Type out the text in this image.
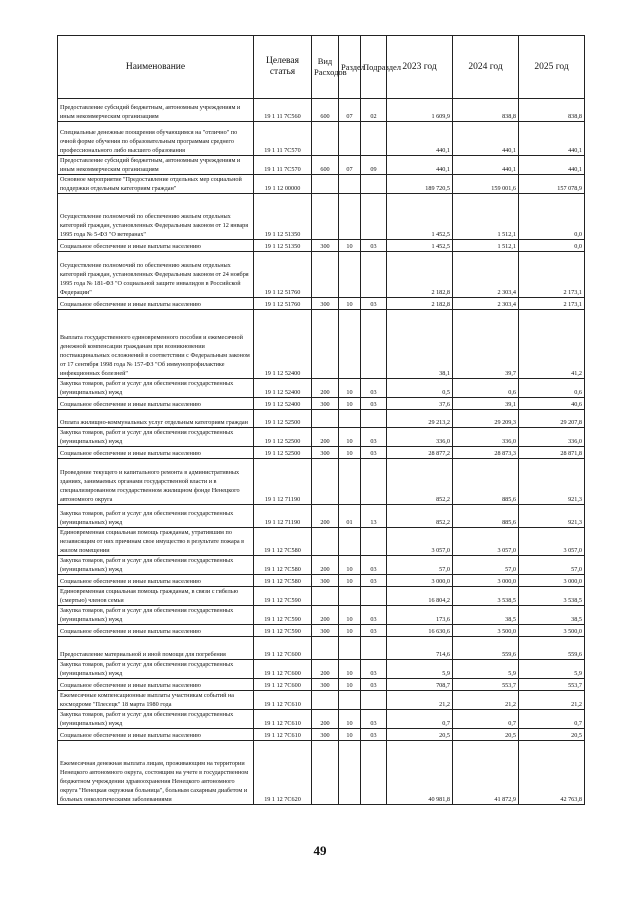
Наименование	Целевая статья	Вид Расходов	Раздел	Подраздел	2023 год	2024 год	2025 год
Предоставление субсидий бюджетным, автономным учреждениям и иным некоммерческим организациям	19 1 11 7С560	600	07	02	1 609,9	838,8	838,8
Специальные денежные поощрения обучающимся на "отлично" по очной форме обучения по образовательным программам среднего профессионального либо высшего образования	19 1 11 7С570				440,1	440,1	440,1
Предоставление субсидий бюджетным, автономным учреждениям и иным некоммерческим организациям	19 1 11 7С570	600	07	09	440,1	440,1	440,1
Основное мероприятие "Предоставление отдельных мер социальной поддержки отдельным категориям граждан"	19 1 12 00000				189 720,5	159 001,6	157 078,9
Осуществление полномочий по обеспечению жильем отдельных категорий граждан, установленных Федеральным законом от 12 января 1995 года № 5-ФЗ "О ветеранах"	19 1 12 51350				1 452,5	1 512,1	0,0
Социальное обеспечение и иные выплаты населению	19 1 12 51350	300	10	03	1 452,5	1 512,1	0,0
Осуществление полномочий по обеспечению жильем отдельных категорий граждан, установленных Федеральным законом от 24 ноября 1995 года № 181-ФЗ "О социальной защите инвалидов в Российской Федерации"	19 1 12 51760				2 182,8	2 303,4	2 173,1
Социальное обеспечение и иные выплаты населению	19 1 12 51760	300	10	03	2 182,8	2 303,4	2 173,1
Выплата государственного единовременного пособия и ежемесячной денежной компенсации гражданам при возникновении поствакцинальных осложнений в соответствии с Федеральным законом от 17 сентября 1998 года № 157-ФЗ "Об иммунопрофилактике инфекционных болезней"	19 1 12 52400				38,1	39,7	41,2
Закупка товаров, работ и услуг для обеспечения государственных (муниципальных) нужд	19 1 12 52400	200	10	03	0,5	0,6	0,6
Социальное обеспечение и иные выплаты населению	19 1 12 52400	300	10	03	37,6	39,1	40,6
Оплата жилищно-коммунальных услуг отдельным категориям граждан	19 1 12 52500				29 213,2	29 209,3	29 207,8
Закупка товаров, работ и услуг для обеспечения государственных (муниципальных) нужд	19 1 12 52500	200	10	03	336,0	336,0	336,0
Социальное обеспечение и иные выплаты населению	19 1 12 52500	300	10	03	28 877,2	28 873,3	28 871,8
Проведение текущего и капитального ремонта в административных зданиях, занимаемых органами государственной власти и в специализированном государственном жилищном фонде Ненецкого автономного округа	19 1 12 71190				852,2	885,6	921,3
Закупка товаров, работ и услуг для обеспечения государственных (муниципальных) нужд	19 1 12 71190	200	01	13	852,2	885,6	921,3
Единовременная социальная помощь гражданам, утратившим по независящим от них причинам свое имущество в результате пожара в жилом помещении	19 1 12 7С580				3 057,0	3 057,0	3 057,0
Закупка товаров, работ и услуг для обеспечения государственных (муниципальных) нужд	19 1 12 7С580	200	10	03	57,0	57,0	57,0
Социальное обеспечение и иные выплаты населению	19 1 12 7С580	300	10	03	3 000,0	3 000,0	3 000,0
Единовременная социальная помощь гражданам, в связи с гибелью (смертью) членов семьи	19 1 12 7С590				16 804,2	3 538,5	3 538,5
Закупка товаров, работ и услуг для обеспечения государственных (муниципальных) нужд	19 1 12 7С590	200	10	03	173,6	38,5	38,5
Социальное обеспечение и иные выплаты населению	19 1 12 7С590	300	10	03	16 630,6	3 500,0	3 500,0
Предоставление материальной и иной помощи для погребения	19 1 12 7С600				714,6	559,6	559,6
Закупка товаров, работ и услуг для обеспечения государственных (муниципальных) нужд	19 1 12 7С600	200	10	03	5,9	5,9	5,9
Социальное обеспечение и иные выплаты населению	19 1 12 7С600	300	10	03	708,7	553,7	553,7
Ежемесячные компенсационные выплаты участникам событий на космодроме "Плесецк" 18 марта 1980 года	19 1 12 7С610				21,2	21,2	21,2
Закупка товаров, работ и услуг для обеспечения государственных (муниципальных) нужд	19 1 12 7С610	200	10	03	0,7	0,7	0,7
Социальное обеспечение и иные выплаты населению	19 1 12 7С610	300	10	03	20,5	20,5	20,5
Ежемесячная денежная выплата лицам, проживающим на территории Ненецкого автономного округа, состоящим на учете в государственном бюджетном учреждении здравоохранения Ненецкого автономного округа "Ненецкая окружная больница", больным сахарным диабетом и больных онкологическими заболеваниями	19 1 12 7С620				40 981,8	41 872,9	42 763,8
49
